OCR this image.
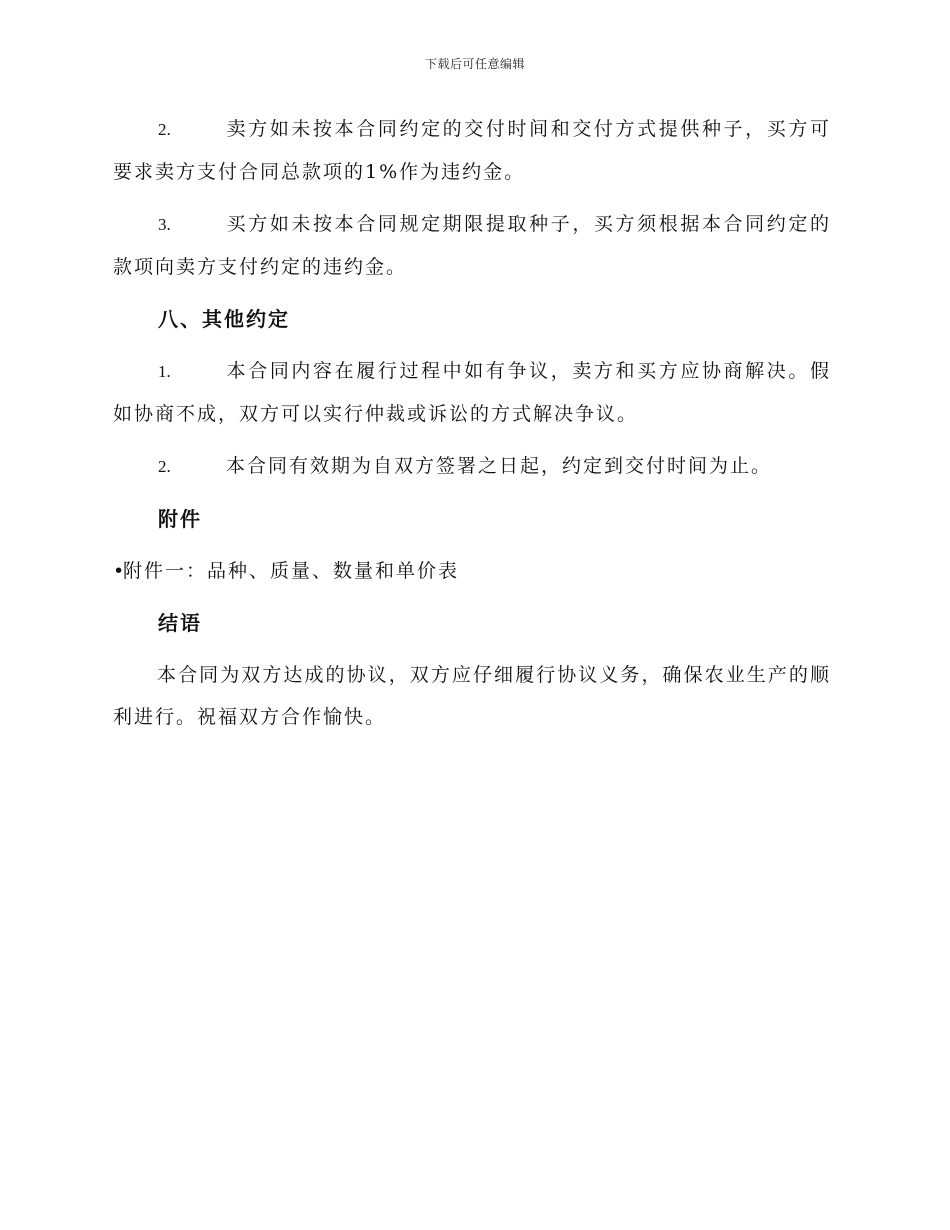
下载后可任意编辑

2.	卖方如未按本合同约定的交付时间和交付方式提供种子，买方可要求卖方支付合同总款项的1%作为违约金。

3.	买方如未按本合同规定期限提取种子，买方须根据本合同约定的款项向卖方支付约定的违约金。

八、其他约定

1.	本合同内容在履行过程中如有争议，卖方和买方应协商解决。假如协商不成，双方可以实行仲裁或诉讼的方式解决争议。

2.	本合同有效期为自双方签署之日起，约定到交付时间为止。

附件

•附件一：品种、质量、数量和单价表

结语

本合同为双方达成的协议，双方应仔细履行协议义务，确保农业生产的顺利进行。祝福双方合作愉快。
